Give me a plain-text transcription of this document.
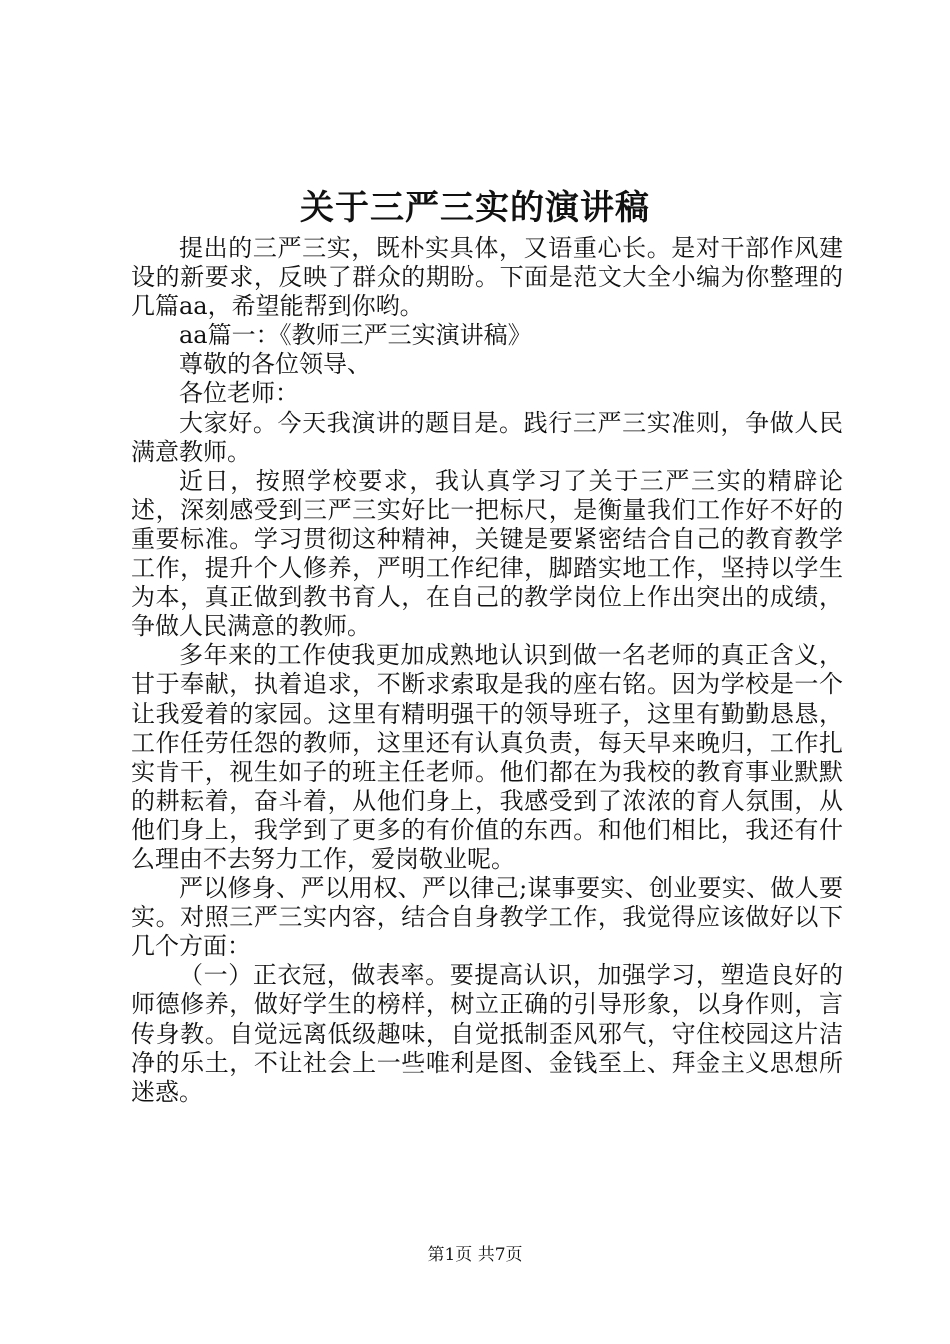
关于三严三实的演讲稿

提出的三严三实，既朴实具体，又语重心长。是对干部作风建设的新要求，反映了群众的期盼。下面是范文大全小编为你整理的几篇aa，希望能帮到你哟。

aa篇一：《教师三严三实演讲稿》

尊敬的各位领导、

各位老师：

大家好。今天我演讲的题目是。践行三严三实准则，争做人民满意教师。

近日，按照学校要求，我认真学习了关于三严三实的精辟论述，深刻感受到三严三实好比一把标尺，是衡量我们工作好不好的重要标准。学习贯彻这种精神，关键是要紧密结合自己的教育教学工作，提升个人修养，严明工作纪律，脚踏实地工作，坚持以学生为本，真正做到教书育人，在自己的教学岗位上作出突出的成绩，争做人民满意的教师。

多年来的工作使我更加成熟地认识到做一名老师的真正含义，甘于奉献，执着追求，不断求索取是我的座右铭。因为学校是一个让我爱着的家园。这里有精明强干的领导班子，这里有勤勤恳恳，工作任劳任怨的教师，这里还有认真负责，每天早来晚归，工作扎实肯干，视生如子的班主任老师。他们都在为我校的教育事业默默的耕耘着，奋斗着，从他们身上，我感受到了浓浓的育人氛围，从他们身上，我学到了更多的有价值的东西。和他们相比，我还有什么理由不去努力工作，爱岗敬业呢。

严以修身、严以用权、严以律己;谋事要实、创业要实、做人要实。对照三严三实内容，结合自身教学工作，我觉得应该做好以下几个方面：

（一）正衣冠，做表率。要提高认识，加强学习，塑造良好的师德修养，做好学生的榜样，树立正确的引导形象，以身作则，言传身教。自觉远离低级趣味，自觉抵制歪风邪气，守住校园这片洁净的乐土，不让社会上一些唯利是图、金钱至上、拜金主义思想所迷惑。

第1页 共7页
